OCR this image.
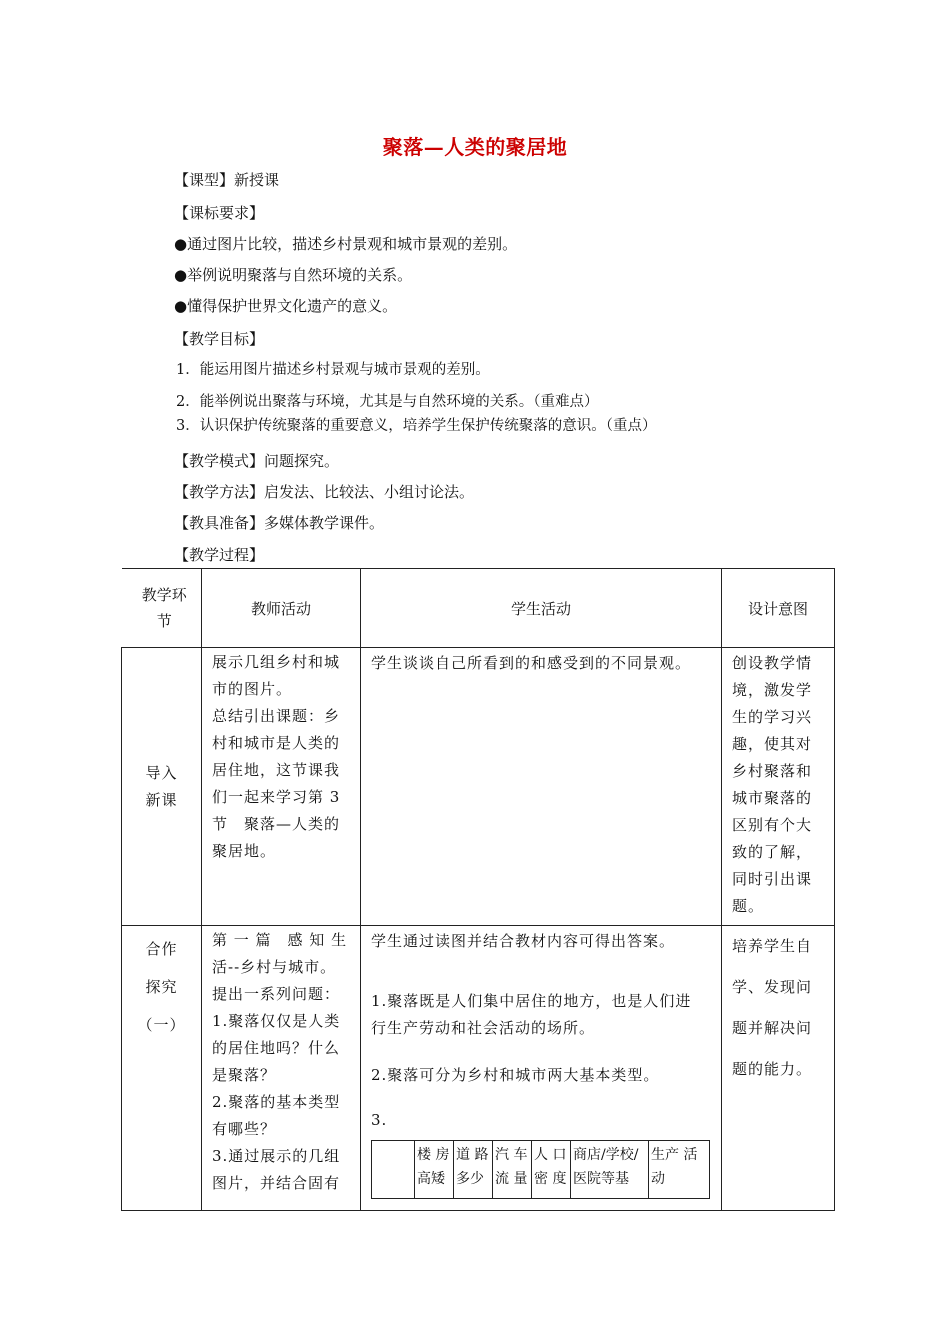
聚落—人类的聚居地
【课型】新授课
【课标要求】
●通过图片比较，描述乡村景观和城市景观的差别。
●举例说明聚落与自然环境的关系。
●懂得保护世界文化遗产的意义。
【教学目标】
1．能运用图片描述乡村景观与城市景观的差别。
2．能举例说出聚落与环境，尤其是与自然环境的关系。（重难点）
3．认识保护传统聚落的重要意义，培养学生保护传统聚落的意识。（重点）
【教学模式】问题探究。
【教学方法】启发法、比较法、小组讨论法。
【教具准备】多媒体教学课件。
【教学过程】
教学环
节
	教师活动	学生活动	设计意图

导入
新课

展示几组乡村和城
市的图片。
总结引出课题：乡
村和城市是人类的
居住地，这节课我
们一起来学习第 3
节　聚落—人类的
聚居地。

学生谈谈自己所看到的和感受到的不同景观。	创设教学情
境，激发学
生的学习兴
趣，使其对
乡村聚落和
城市聚落的
区别有个大
致的了解，
同时引出课
题。

合作
探究
（一）

第 一 篇　感 知 生
活--乡村与城市。
提出一系列问题：
1.聚落仅仅是人类
的居住地吗？什么
是聚落？
2.聚落的基本类型
有哪些？
3.通过展示的几组
图片，并结合固有

学生通过读图并结合教材内容可得出答案。
1.聚落既是人们集中居住的地方，也是人们进
行生产劳动和社会活动的场所。
2.聚落可分为乡村和城市两大基本类型。
3.
	楼 房 高矮	道 路 多少	汽 车 流 量	人 口 密 度	商店/学校/医院等基	生产 活动

培养学生自
学、发现问
题并解决问
题的能力。
